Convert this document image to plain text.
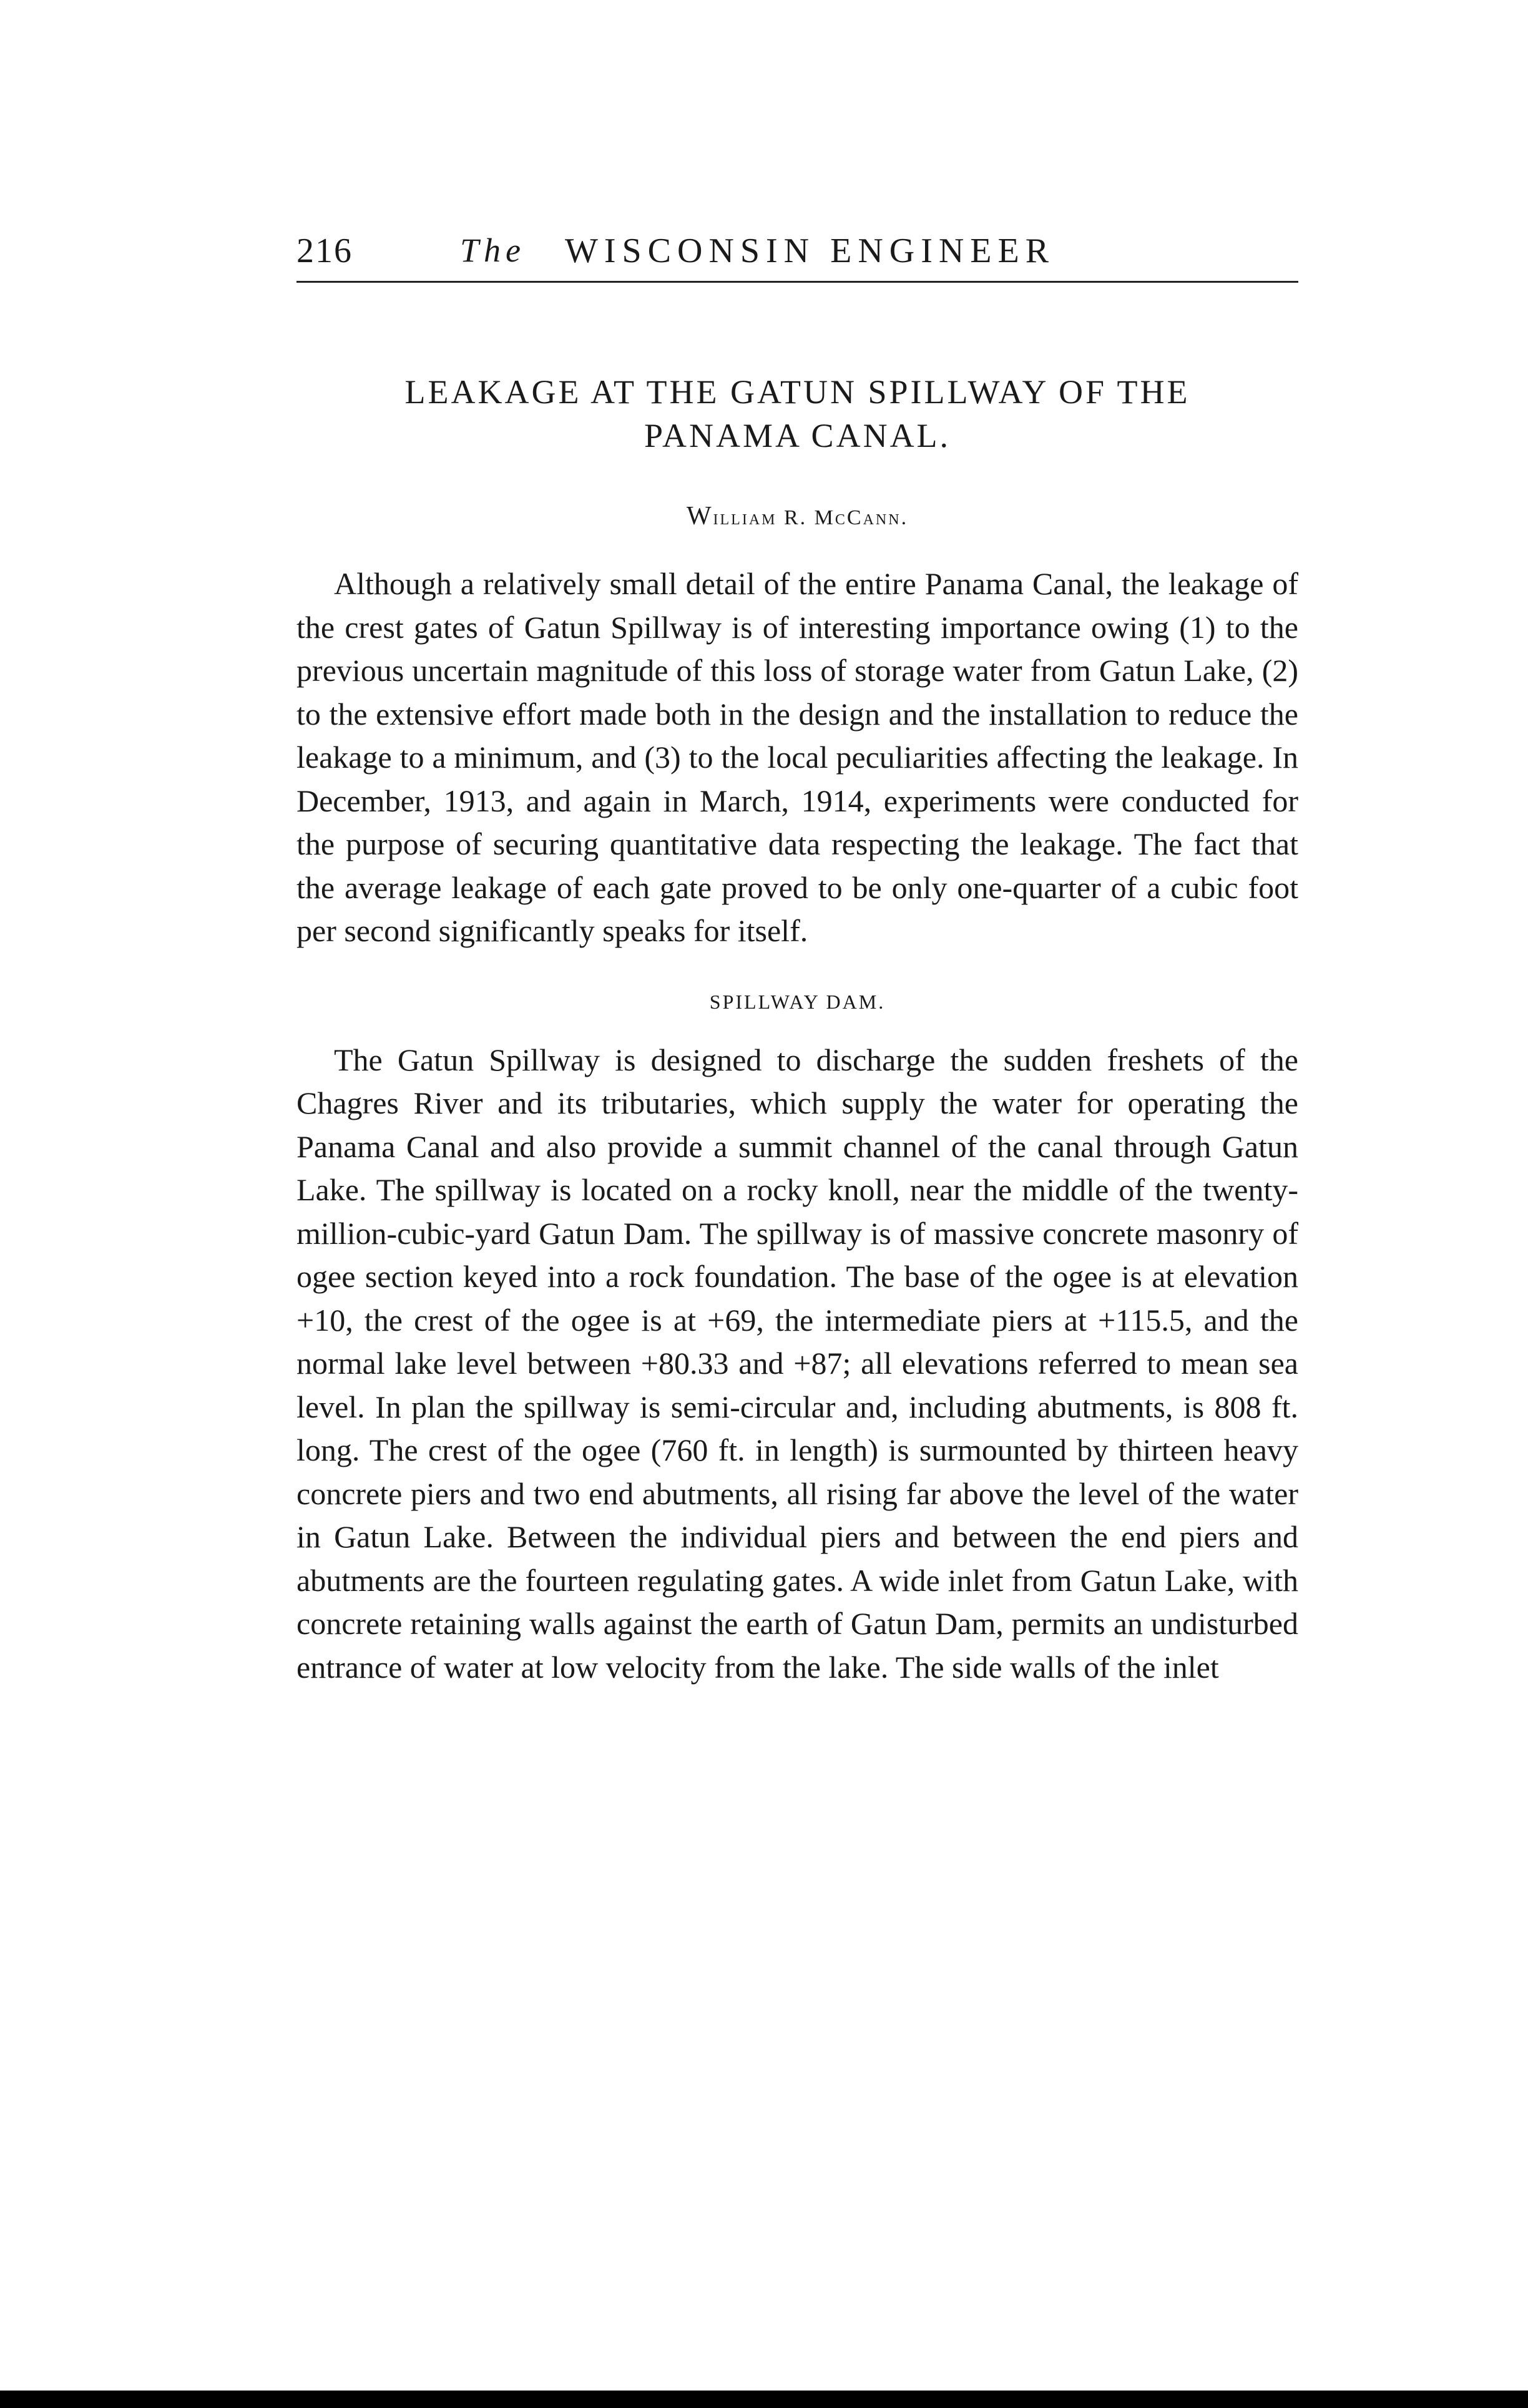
216	The WISCONSIN ENGINEER
LEAKAGE AT THE GATUN SPILLWAY OF THE PANAMA CANAL.
William R. McCann.

Although a relatively small detail of the entire Panama Canal, the leakage of the crest gates of Gatun Spillway is of interesting importance owing (1) to the previous uncertain magnitude of this loss of storage water from Gatun Lake, (2) to the extensive effort made both in the design and the installation to reduce the leakage to a minimum, and (3) to the local peculiarities affecting the leakage. In December, 1913, and again in March, 1914, experiments were conducted for the purpose of securing quantitative data respecting the leakage. The fact that the average leakage of each gate proved to be only one-quarter of a cubic foot per second significantly speaks for itself.

SPILLWAY DAM.

The Gatun Spillway is designed to discharge the sudden freshets of the Chagres River and its tributaries, which supply the water for operating the Panama Canal and also provide a summit channel of the canal through Gatun Lake. The spillway is located on a rocky knoll, near the middle of the twenty-million-cubic-yard Gatun Dam. The spillway is of massive concrete masonry of ogee section keyed into a rock foundation. The base of the ogee is at elevation +10, the crest of the ogee is at +69, the intermediate piers at +115.5, and the normal lake level between +80.33 and +87; all elevations referred to mean sea level. In plan the spillway is semi-circular and, including abutments, is 808 ft. long. The crest of the ogee (760 ft. in length) is surmounted by thirteen heavy concrete piers and two end abutments, all rising far above the level of the water in Gatun Lake. Between the individual piers and between the end piers and abutments are the fourteen regulating gates. A wide inlet from Gatun Lake, with concrete retaining walls against the earth of Gatun Dam, permits an undisturbed entrance of water at low velocity from the lake. The side walls of the inlet
